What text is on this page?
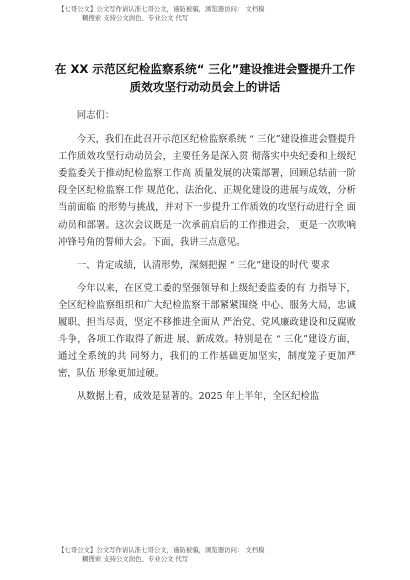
【七哥公文】公文写作请认准七哥公文，谨防被骗，浏览器访问： 文档模
糊搜索 支持公文润色、专业公文 代写
在 XX 示范区纪检监察系统“ 三化”建设推进会暨提升工作
质效攻坚行动动员会上的讲话

同志们：

今天，我们在此召开示范区纪检监察系统 “ 三化”建设推进会暨提升工作质效攻坚行动动员会，主要任务是深入贯 彻落实中央纪委和上级纪委监委关于推动纪检监察工作高 质量发展的决策部署，回顾总结前一阶段全区纪检监察工作 规范化、法治化、正规化建设的进展与成效，分析当前面临 的形势与挑战，并对下一步提升工作质效的攻坚行动进行全 面动员和部署。这次会议既是一次承前启后的工作推进会， 更是一次吹响冲锋号角的誓师大会。下面，我讲三点意见。

一、肯定成绩，认清形势，深刻把握 “ 三化”建设的时代 要求

今年以来，在区党工委的坚强领导和上级纪委监委的有 力指导下，全区纪检监察组织和广大纪检监察干部紧紧围绕 中心、服务大局，忠诚履职、担当尽责，坚定不移推进全面从 严治党、党风廉政建设和反腐败斗争，各项工作取得了新进 展、新成效。特别是在 “ 三化”建设方面，通过全系统的共 同努力，我们的工作基础更加坚实，制度笼子更加严密，队伍 形象更加过硬。

从数据上看，成效是显著的。2025 年上半年，全区纪检监

【七哥公文】公文写作请认准七哥公文，谨防被骗，浏览器访问： 文档模
糊搜索 支持公文润色、专业公文 代写
